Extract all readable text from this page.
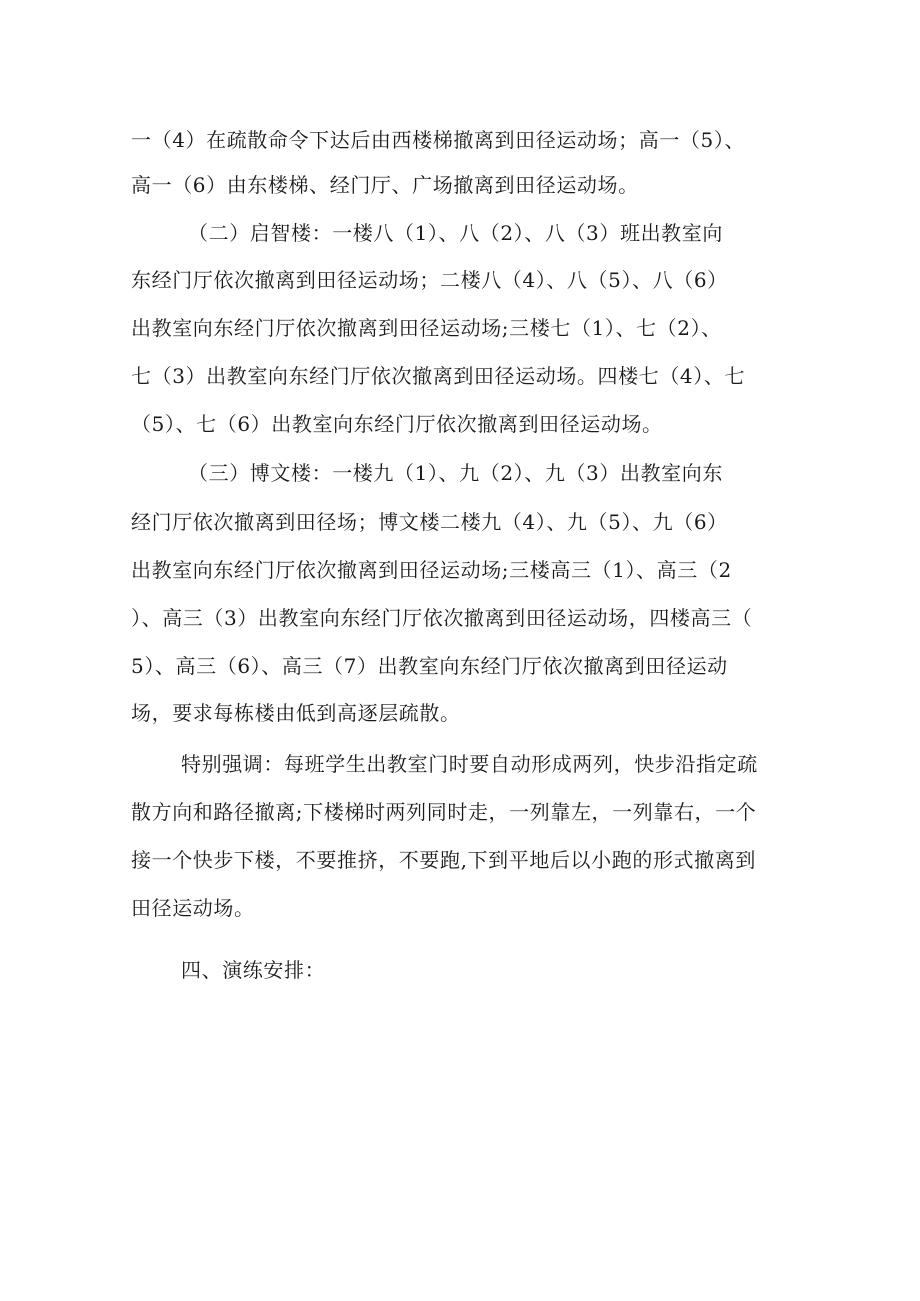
一（4）在疏散命令下达后由西楼梯撤离到田径运动场；高一（5）、
高一（6）由东楼梯、经门厅、广场撤离到田径运动场。
（二）启智楼：一楼八（1）、八（2）、八（3）班出教室向
东经门厅依次撤离到田径运动场；二楼八（4）、八（5）、八（6）
出教室向东经门厅依次撤离到田径运动场;三楼七（1）、七（2）、
七（3）出教室向东经门厅依次撤离到田径运动场。四楼七（4）、七
（5）、七（6）出教室向东经门厅依次撤离到田径运动场。
（三）博文楼：一楼九（1）、九（2）、九（3）出教室向东
经门厅依次撤离到田径场；博文楼二楼九（4）、九（5）、九（6）
出教室向东经门厅依次撤离到田径运动场;三楼高三（1）、高三（2
）、高三（3）出教室向东经门厅依次撤离到田径运动场，四楼高三（
5）、高三（6）、高三（7）出教室向东经门厅依次撤离到田径运动
场，要求每栋楼由低到高逐层疏散。
特别强调：每班学生出教室门时要自动形成两列，快步沿指定疏
散方向和路径撤离;下楼梯时两列同时走，一列靠左，一列靠右，一个
接一个快步下楼，不要推挤，不要跑,下到平地后以小跑的形式撤离到
田径运动场。
四、演练安排：
